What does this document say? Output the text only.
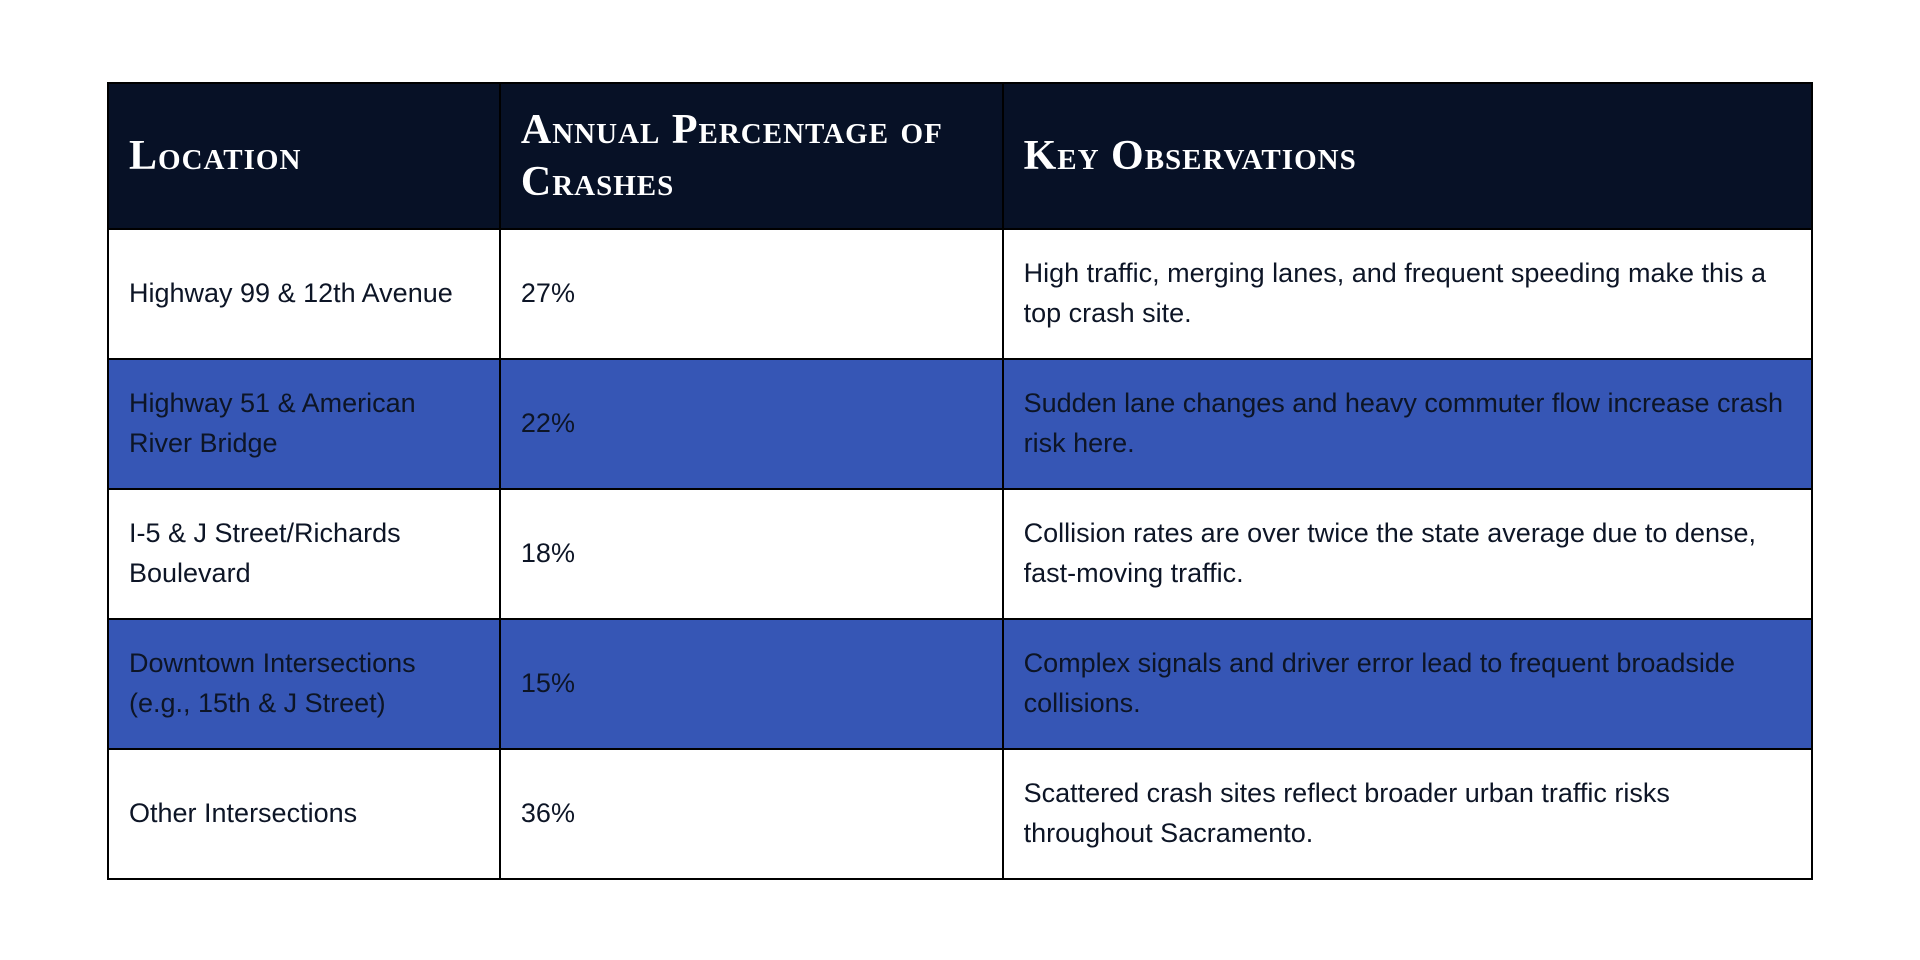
Location	Annual Percentage of Crashes	Key Observations
Highway 99 & 12th Avenue	27%	High traffic, merging lanes, and frequent speeding make this a top crash site.
Highway 51 & American River Bridge	22%	Sudden lane changes and heavy commuter flow increase crash risk here.
I-5 & J Street/Richards Boulevard	18%	Collision rates are over twice the state average due to dense, fast-moving traffic.
Downtown Intersections (e.g., 15th & J Street)	15%	Complex signals and driver error lead to frequent broadside collisions.
Other Intersections	36%	Scattered crash sites reflect broader urban traffic risks throughout Sacramento.
